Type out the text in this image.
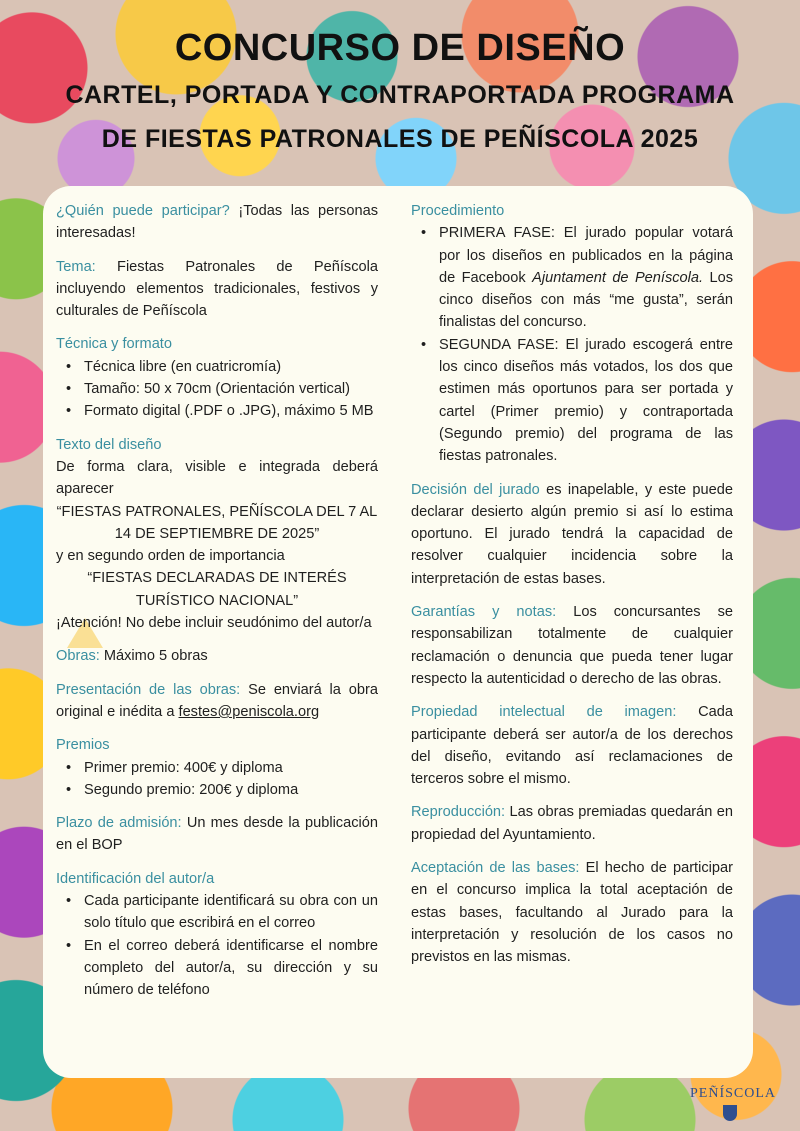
CONCURSO DE DISEÑO
CARTEL, PORTADA Y CONTRAPORTADA PROGRAMA
DE FIESTAS PATRONALES DE PEÑÍSCOLA 2025

¿Quién puede participar? ¡Todas las personas interesadas!

Tema: Fiestas Patronales de Peñíscola incluyendo elementos tradicionales, festivos y culturales de Peñíscola

Técnica y formato
• Técnica libre (en cuatricromía)
• Tamaño: 50 x 70cm (Orientación vertical)
• Formato digital (.PDF o .JPG), máximo 5 MB
Texto del diseño
De forma clara, visible e integrada deberá aparecer
“FIESTAS PATRONALES, PEÑÍSCOLA DEL 7 AL 14 DE SEPTIEMBRE DE 2025”
y en segundo orden de importancia
“FIESTAS DECLARADAS DE INTERÉS TURÍSTICO NACIONAL”
¡Atención! No debe incluir seudónimo del autor/a

Obras: Máximo 5 obras

Presentación de las obras: Se enviará la obra original e inédita a festes@peniscola.org

Premios
• Primer premio: 400€ y diploma
• Segundo premio: 200€ y diploma

Plazo de admisión: Un mes desde la publicación en el BOP

Identificación del autor/a
• Cada participante identificará su obra con un solo título que escribirá en el correo
• En el correo deberá identificarse el nombre completo del autor/a, su dirección y su número de teléfono
Procedimiento
• PRIMERA FASE: El jurado popular votará por los diseños en publicados en la página de Facebook Ajuntament de Peníscola. Los cinco diseños con más “me gusta”, serán finalistas del concurso.
• SEGUNDA FASE: El jurado escogerá entre los cinco diseños más votados, los dos que estimen más oportunos para ser portada y cartel (Primer premio) y contraportada (Segundo premio) del programa de las fiestas patronales.

Decisión del jurado es inapelable, y este puede declarar desierto algún premio si así lo estima oportuno. El jurado tendrá la capacidad de resolver cualquier incidencia sobre la interpretación de estas bases.

Garantías y notas: Los concursantes se responsabilizan totalmente de cualquier reclamación o denuncia que pueda tener lugar respecto la autenticidad o derecho de las obras.

Propiedad intelectual de imagen: Cada participante deberá ser autor/a de los derechos del diseño, evitando así reclamaciones de terceros sobre el mismo.

Reproducción: Las obras premiadas quedarán en propiedad del Ayuntamiento.

Aceptación de las bases: El hecho de participar en el concurso implica la total aceptación de estas bases, facultando al Jurado para la interpretación y resolución de los casos no previstos en las mismas.

PEÑÍSCOLA
